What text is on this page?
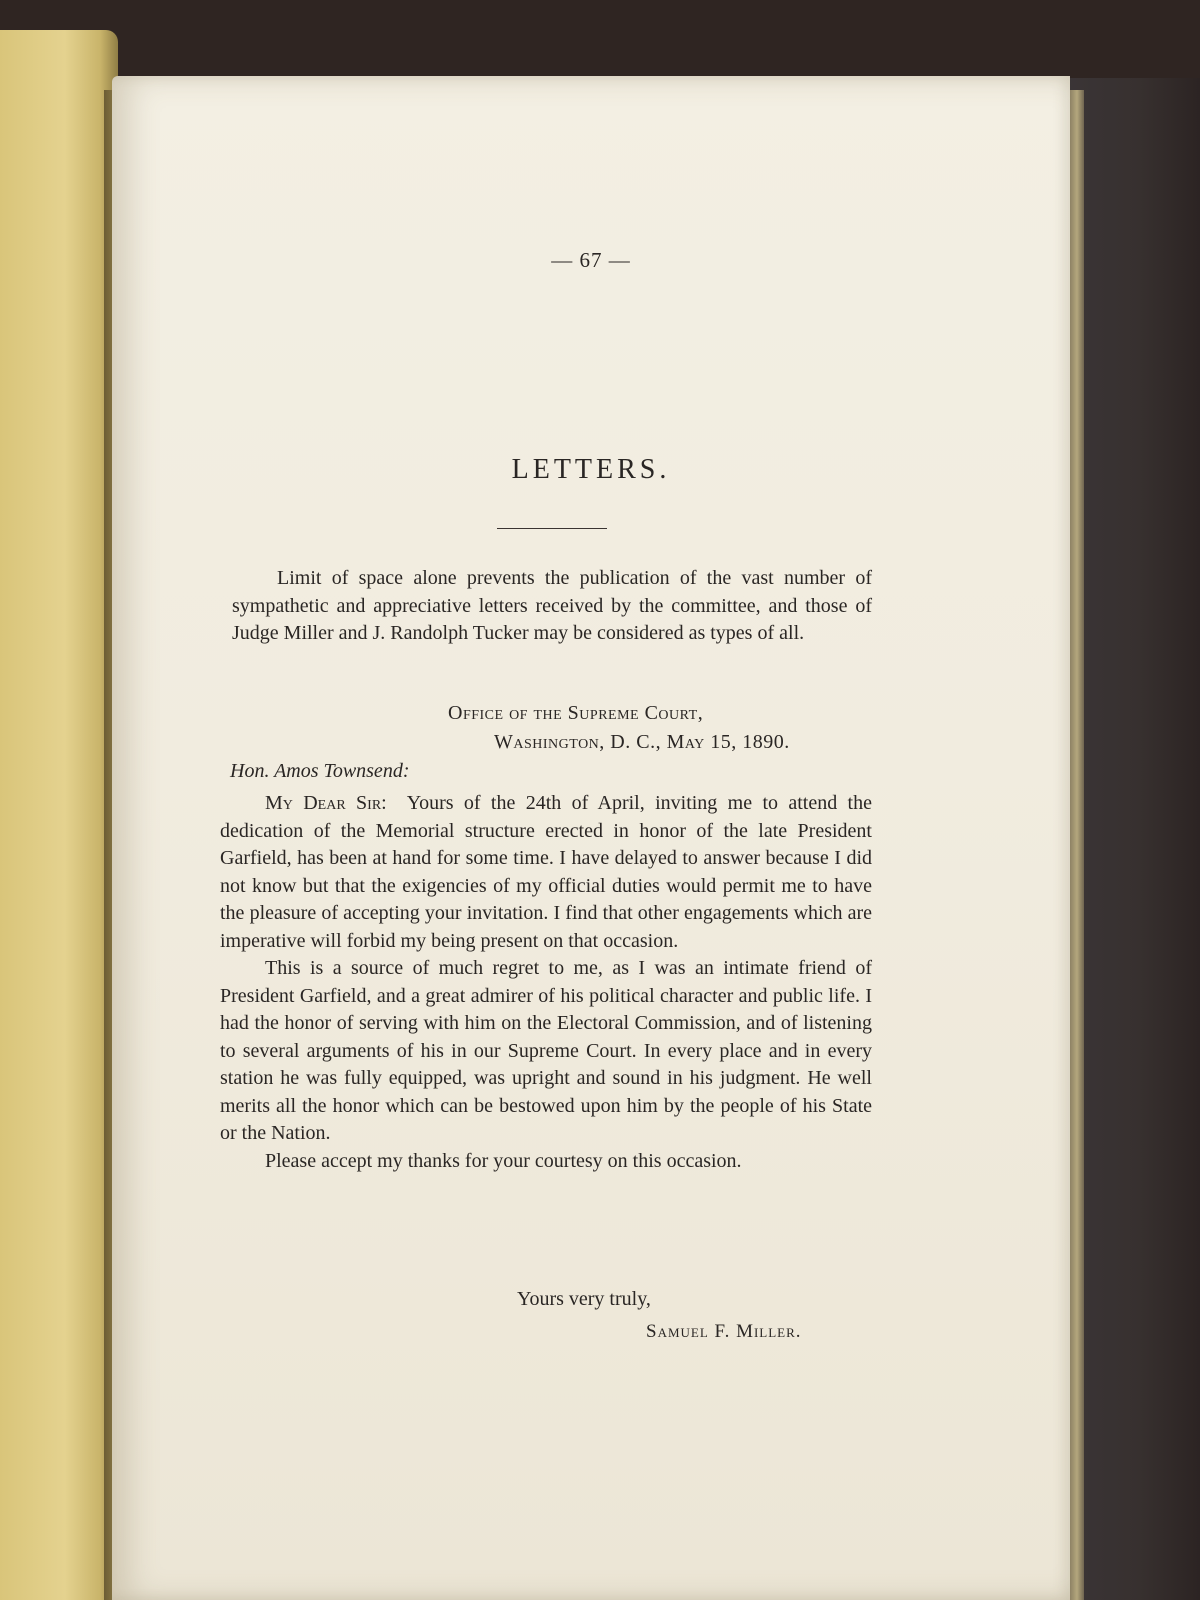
— 67 —
LETTERS.
Limit of space alone prevents the publication of the vast number of sympathetic and appreciative letters received by the committee, and those of Judge Miller and J. Randolph Tucker may be considered as types of all.
Office of the Supreme Court,
Washington, D. C., May 15, 1890.
Hon. Amos Townsend:

My Dear Sir: Yours of the 24th of April, inviting me to attend the dedication of the Memorial structure erected in honor of the late President Garfield, has been at hand for some time. I have delayed to answer because I did not know but that the exigencies of my official duties would permit me to have the pleasure of accepting your invitation. I find that other engagements which are imperative will forbid my being present on that occasion.

This is a source of much regret to me, as I was an intimate friend of President Garfield, and a great admirer of his political character and public life. I had the honor of serving with him on the Electoral Commission, and of listening to several arguments of his in our Supreme Court. In every place and in every station he was fully equipped, was upright and sound in his judgment. He well merits all the honor which can be bestowed upon him by the people of his State or the Nation.

Please accept my thanks for your courtesy on this occasion.

Yours very truly,
Samuel F. Miller.
